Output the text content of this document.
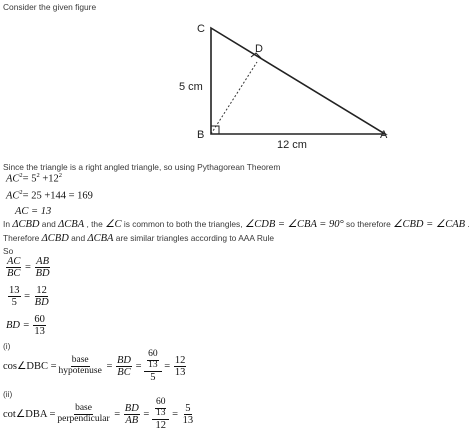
Consider the given figure
C
D
B	A
5 cm
12 cm
Since the triangle is a right angled triangle, so using Pythagorean Theorem
$AC^2= 5^2 +12^2$
$AC^2= 25 +144 = 169$
AC = 13
In ΔCBD and ΔCBA , the ∠C is common to both the triangles, ∠CDB = ∠CBA = 90° so therefore ∠CBD = ∠CAB .
Therefore ΔCBD and ΔCBA are similar triangles according to AAA Rule
So
$\frac{AC}{BC} = \frac{AB}{BD}$
$\frac{13}{5} = \frac{12}{BD}$
BD =
$\frac{60}{13}$
(i)
cos∠DBC = $\frac{\text{base}}{\text{hypotenuse}} = \frac{BD}{BC} = \frac{\frac{60}{13}}{5} = \frac{12}{13}$
(ii)
cot∠DBA = $\frac{\text{base}}{\text{perpendicular}} = \frac{BD}{AB} = \frac{\frac{60}{13}}{12} = \frac{5}{13}$
